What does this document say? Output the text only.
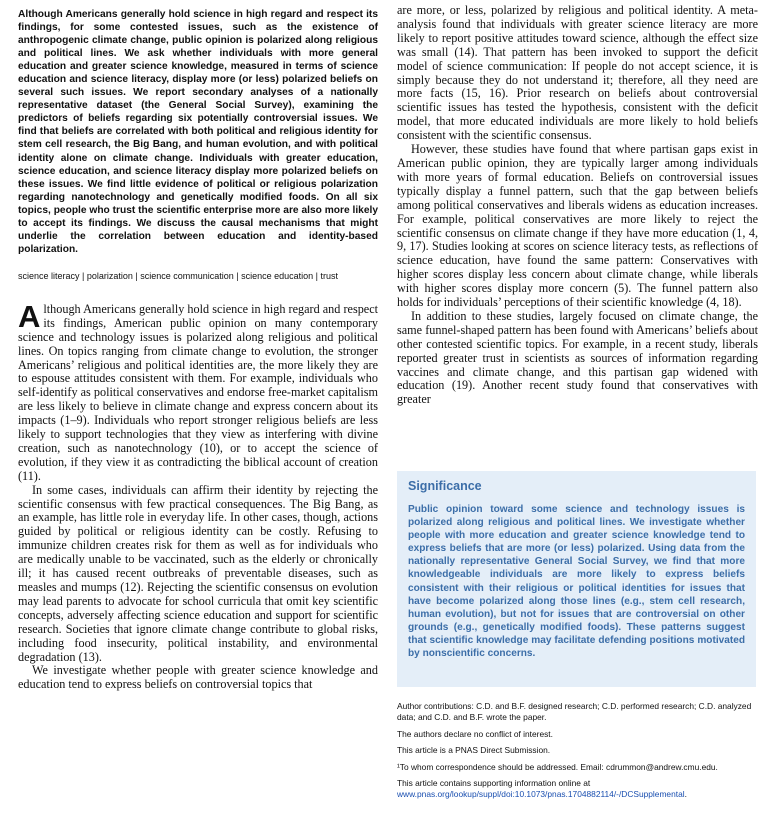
Although Americans generally hold science in high regard and respect its findings, for some contested issues, such as the existence of anthropogenic climate change, public opinion is polarized along religious and political lines. We ask whether individuals with more general education and greater science knowledge, measured in terms of science education and science literacy, display more (or less) polarized beliefs on several such issues. We report secondary analyses of a nationally representative dataset (the General Social Survey), examining the predictors of beliefs regarding six potentially controversial issues. We find that beliefs are correlated with both political and religious identity for stem cell research, the Big Bang, and human evolution, and with political identity alone on climate change. Individuals with greater education, science education, and science literacy display more polarized beliefs on these issues. We find little evidence of political or religious polarization regarding nanotechnology and genetically modified foods. On all six topics, people who trust the scientific enterprise more are also more likely to accept its findings. We discuss the causal mechanisms that might underlie the correlation between education and identity-based polarization.

science literacy | polarization | science communication | science education | trust

Although Americans generally hold science in high regard and respect its findings, American public opinion on many contemporary science and technology issues is polarized along religious and political lines. On topics ranging from climate change to evolution, the stronger Americans’ religious and political identities are, the more likely they are to espouse attitudes consistent with them. For example, individuals who self-identify as political conservatives and endorse free-market capitalism are less likely to believe in climate change and express concern about its impacts (1–9). Individuals who report stronger religious beliefs are less likely to support technologies that they view as interfering with divine creation, such as nanotechnology (10), or to accept the science of evolution, if they view it as contradicting the biblical account of creation (11).

In some cases, individuals can affirm their identity by rejecting the scientific consensus with few practical consequences. The Big Bang, as an example, has little role in everyday life. In other cases, though, actions guided by political or religious identity can be costly. Refusing to immunize children creates risk for them as well as for individuals who are medically unable to be vaccinated, such as the elderly or chronically ill; it has caused recent outbreaks of preventable diseases, such as measles and mumps (12). Rejecting the scientific consensus on evolution may lead parents to advocate for school curricula that omit key scientific concepts, adversely affecting science education and support for scientific research. Societies that ignore climate change contribute to global risks, including food insecurity, political instability, and environmental degradation (13).

We investigate whether people with greater science knowledge and education tend to express beliefs on controversial topics that

are more, or less, polarized by religious and political identity. A meta-analysis found that individuals with greater science literacy are more likely to report positive attitudes toward science, although the effect size was small (14). That pattern has been invoked to support the deficit model of science communication: If people do not accept science, it is simply because they do not understand it; therefore, all they need are more facts (15, 16). Prior research on beliefs about controversial scientific issues has tested the hypothesis, consistent with the deficit model, that more educated individuals are more likely to hold beliefs consistent with the scientific consensus.

However, these studies have found that where partisan gaps exist in American public opinion, they are typically larger among individuals with more years of formal education. Beliefs on controversial issues typically display a funnel pattern, such that the gap between beliefs among political conservatives and liberals widens as education increases. For example, political conservatives are more likely to reject the scientific consensus on climate change if they have more education (1, 4, 9, 17). Studies looking at scores on science literacy tests, as reflections of science education, have found the same pattern: Conservatives with higher scores display less concern about climate change, while liberals with higher scores display more concern (5). The funnel pattern also holds for individuals’ perceptions of their scientific knowledge (4, 18).

In addition to these studies, largely focused on climate change, the same funnel-shaped pattern has been found with Americans’ beliefs about other contested scientific topics. For example, in a recent study, liberals reported greater trust in scientists as sources of information regarding vaccines and climate change, and this partisan gap widened with education (19). Another recent study found that conservatives with greater

Significance

Public opinion toward some science and technology issues is polarized along religious and political lines. We investigate whether people with more education and greater science knowledge tend to express beliefs that are more (or less) polarized. Using data from the nationally representative General Social Survey, we find that more knowledgeable individuals are more likely to express beliefs consistent with their religious or political identities for issues that have become polarized along those lines (e.g., stem cell research, human evolution), but not for issues that are controversial on other grounds (e.g., genetically modified foods). These patterns suggest that scientific knowledge may facilitate defending positions motivated by nonscientific concerns.

Author contributions: C.D. and B.F. designed research; C.D. performed research; C.D. analyzed data; and C.D. and B.F. wrote the paper.

The authors declare no conflict of interest.

This article is a PNAS Direct Submission.

¹To whom correspondence should be addressed. Email: cdrummon@andrew.cmu.edu.

This article contains supporting information online at www.pnas.org/lookup/suppl/doi:10.1073/pnas.1704882114/-/DCSupplemental.
